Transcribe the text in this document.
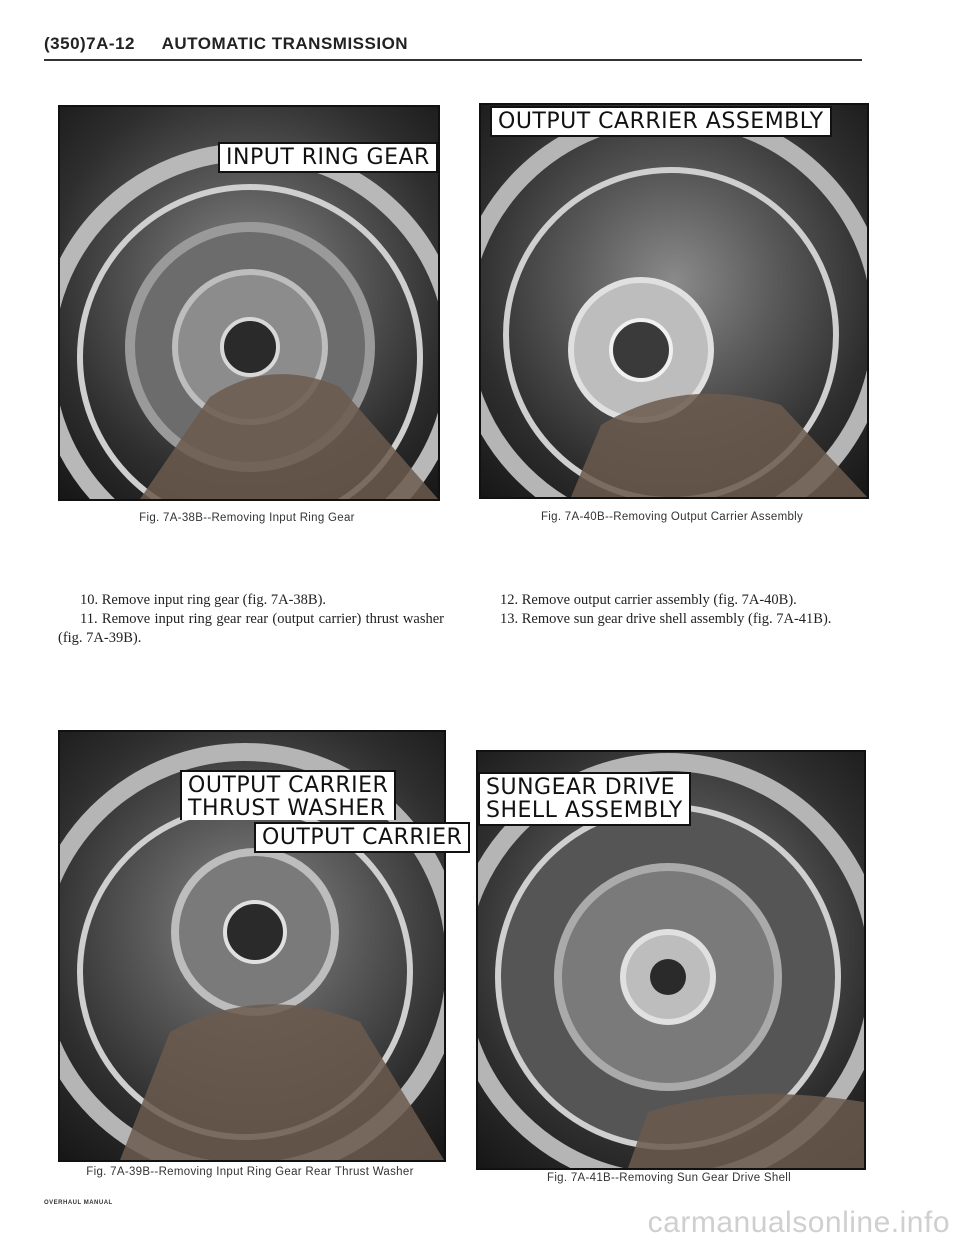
(350)7A-12 AUTOMATIC TRANSMISSION
INPUT RING GEAR
Fig. 7A-38B--Removing Input Ring Gear
OUTPUT CARRIER ASSEMBLY
Fig. 7A-40B--Removing Output Carrier Assembly

10. Remove input ring gear (fig. 7A-38B).

11. Remove input ring gear rear (output carrier) thrust washer (fig. 7A-39B).

12. Remove output carrier assembly (fig. 7A-40B).

13. Remove sun gear drive shell assembly (fig. 7A-41B).

OUTPUT CARRIER
THRUST WASHER
OUTPUT CARRIER
Fig. 7A-39B--Removing Input Ring Gear Rear Thrust Washer
SUNGEAR DRIVE
SHELL ASSEMBLY
Fig. 7A-41B--Removing Sun Gear Drive Shell
OVERHAUL MANUAL
carmanualsonline.info
